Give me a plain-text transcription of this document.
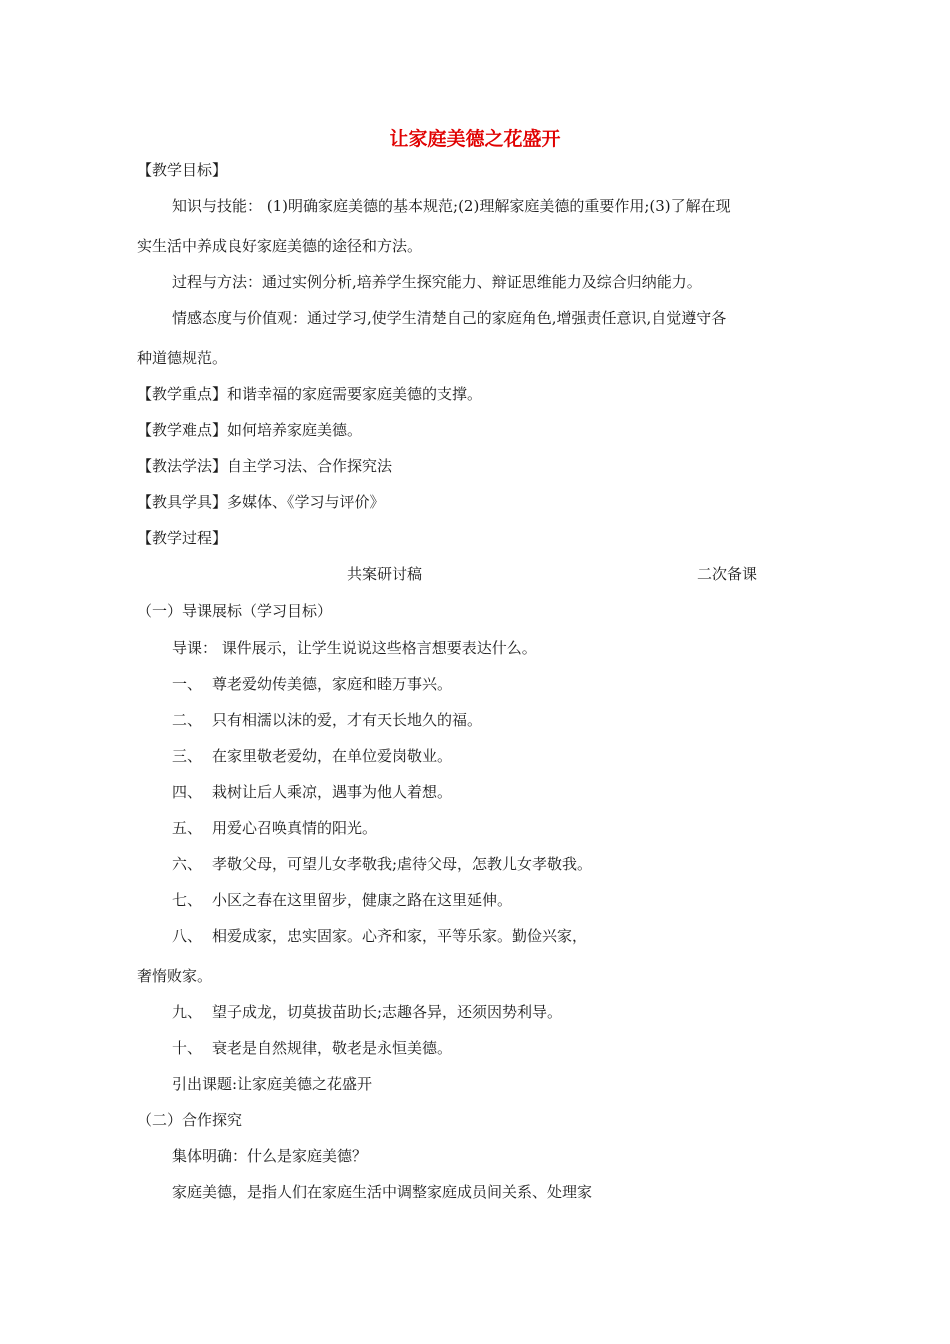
让家庭美德之花盛开
【教学目标】
知识与技能： (1)明确家庭美德的基本规范;(2)理解家庭美德的重要作用;(3)了解在现
实生活中养成良好家庭美德的途径和方法。
过程与方法：通过实例分析,培养学生探究能力、辩证思维能力及综合归纳能力。
情感态度与价值观：通过学习,使学生清楚自己的家庭角色,增强责任意识,自觉遵守各
种道德规范。
【教学重点】和谐幸福的家庭需要家庭美德的支撑。
【教学难点】如何培养家庭美德。
【教法学法】自主学习法、合作探究法
【教具学具】多媒体、《学习与评价》
【教学过程】
共案研讨稿	二次备课
（一）导课展标（学习目标）
导课： 课件展示，让学生说说这些格言想要表达什么。
一、 尊老爱幼传美德，家庭和睦万事兴。
二、 只有相濡以沫的爱，才有天长地久的福。
三、 在家里敬老爱幼，在单位爱岗敬业。
四、 栽树让后人乘凉，遇事为他人着想。
五、 用爱心召唤真情的阳光。
六、 孝敬父母，可望儿女孝敬我;虐待父母，怎教儿女孝敬我。
七、 小区之春在这里留步，健康之路在这里延伸。
八、 相爱成家，忠实固家。心齐和家，平等乐家。勤俭兴家，
奢惰败家。
九、 望子成龙，切莫拔苗助长;志趣各异，还须因势利导。
十、 衰老是自然规律，敬老是永恒美德。
引出课题:让家庭美德之花盛开
（二）合作探究
集体明确：什么是家庭美德？
家庭美德，是指人们在家庭生活中调整家庭成员间关系、处理家
